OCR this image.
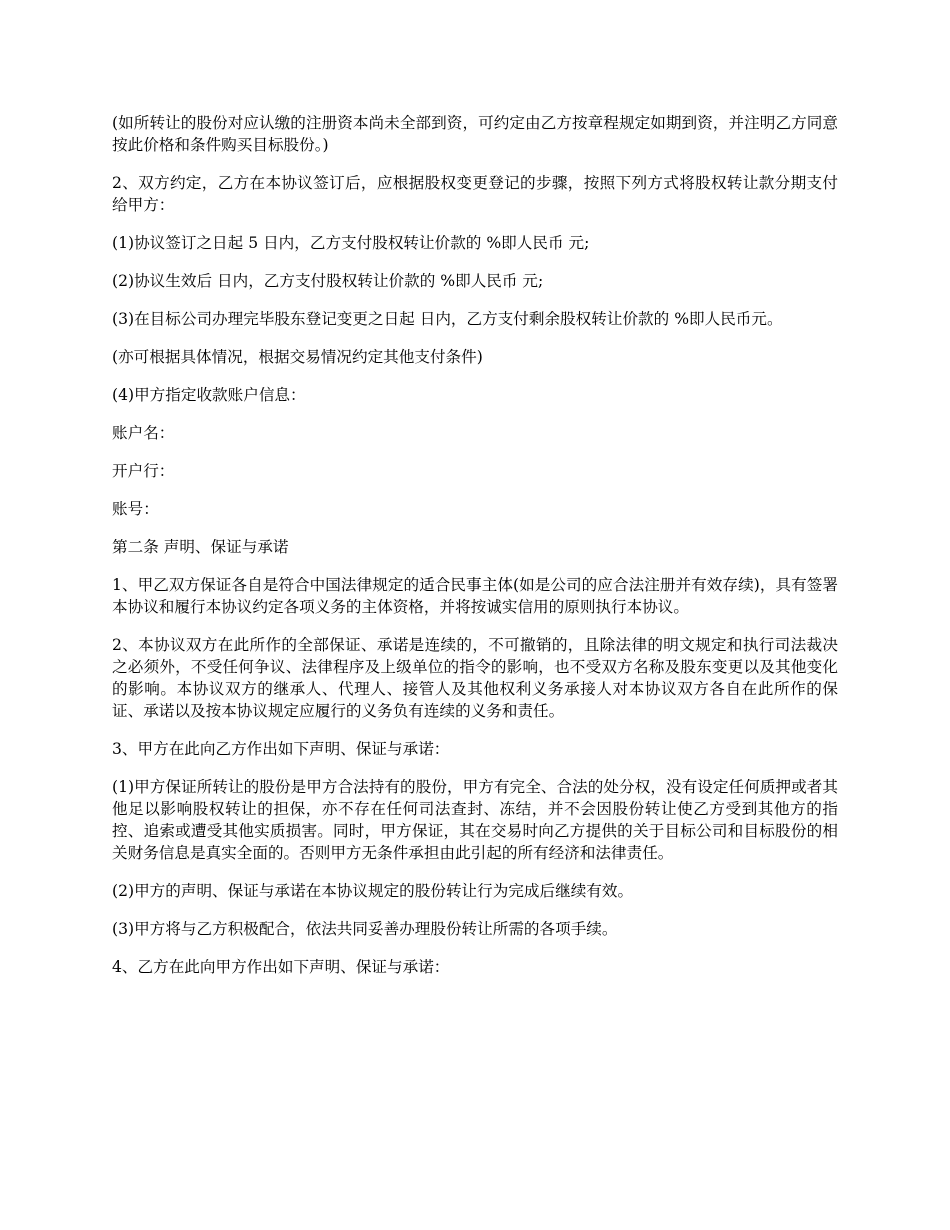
(如所转让的股份对应认缴的注册资本尚未全部到资，可约定由乙方按章程规定如期到资，并注明乙方同意按此价格和条件购买目标股份。)

2、双方约定，乙方在本协议签订后，应根据股权变更登记的步骤，按照下列方式将股权转让款分期支付给甲方：

(1)协议签订之日起 5 日内，乙方支付股权转让价款的 %即人民币 元;

(2)协议生效后 日内，乙方支付股权转让价款的 %即人民币 元;

(3)在目标公司办理完毕股东登记变更之日起 日内，乙方支付剩余股权转让价款的 %即人民币元。

(亦可根据具体情况，根据交易情况约定其他支付条件)

(4)甲方指定收款账户信息：

账户名：

开户行：

账号：

第二条 声明、保证与承诺

1、甲乙双方保证各自是符合中国法律规定的适合民事主体(如是公司的应合法注册并有效存续)，具有签署本协议和履行本协议约定各项义务的主体资格，并将按诚实信用的原则执行本协议。

2、本协议双方在此所作的全部保证、承诺是连续的，不可撤销的，且除法律的明文规定和执行司法裁决之必须外，不受任何争议、法律程序及上级单位的指令的影响，也不受双方名称及股东变更以及其他变化的影响。本协议双方的继承人、代理人、接管人及其他权利义务承接人对本协议双方各自在此所作的保证、承诺以及按本协议规定应履行的义务负有连续的义务和责任。

3、甲方在此向乙方作出如下声明、保证与承诺：

(1)甲方保证所转让的股份是甲方合法持有的股份，甲方有完全、合法的处分权，没有设定任何质押或者其他足以影响股权转让的担保，亦不存在任何司法查封、冻结，并不会因股份转让使乙方受到其他方的指控、追索或遭受其他实质损害。同时，甲方保证，其在交易时向乙方提供的关于目标公司和目标股份的相关财务信息是真实全面的。否则甲方无条件承担由此引起的所有经济和法律责任。

(2)甲方的声明、保证与承诺在本协议规定的股份转让行为完成后继续有效。

(3)甲方将与乙方积极配合，依法共同妥善办理股份转让所需的各项手续。

4、乙方在此向甲方作出如下声明、保证与承诺：
